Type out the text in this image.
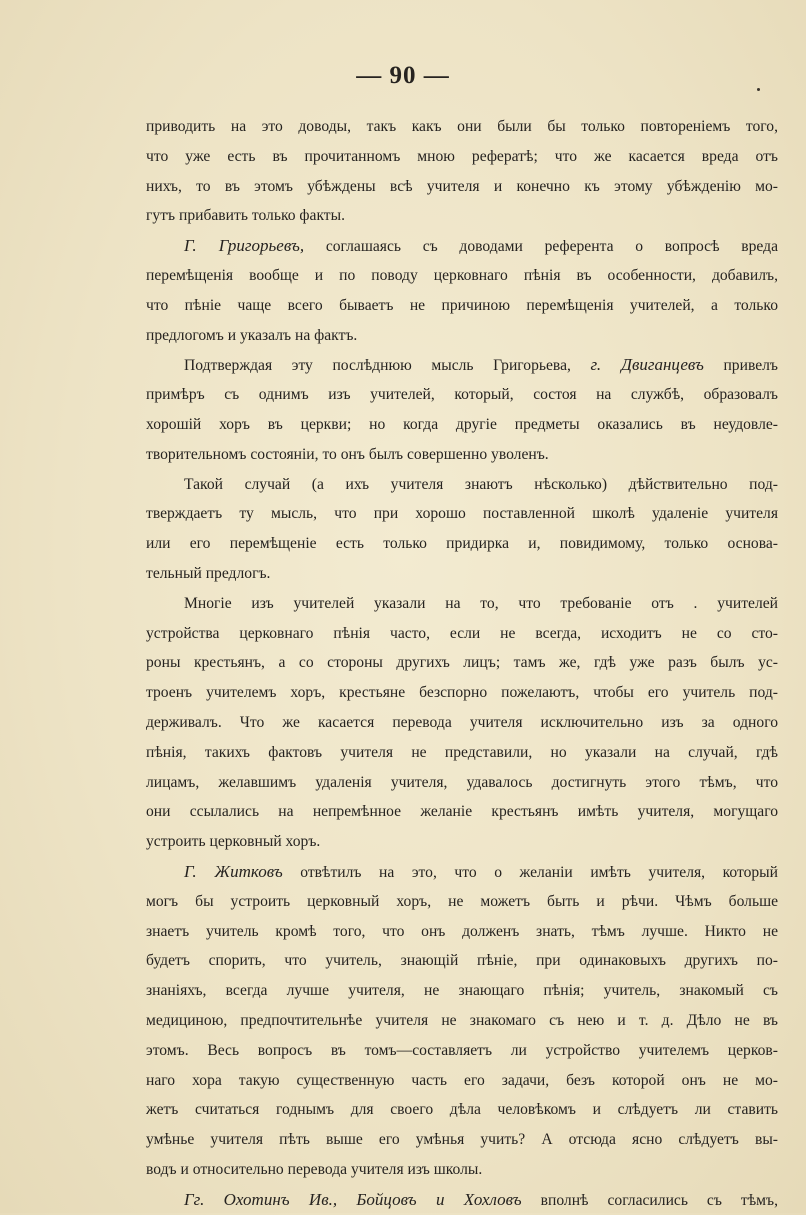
— 90 —
приводить на это доводы, такъ какъ они были бы только повтореніемъ того,
что уже есть въ прочитанномъ мною рефератѣ; что же касается вреда отъ
нихъ, то въ этомъ убѣждены всѣ учителя и конечно къ этому убѣжденію мо-
гутъ прибавить только факты.
Г. Григорьевъ, соглашаясь съ доводами референта о вопросѣ вреда
перемѣщенія вообще и по поводу церковнаго пѣнія въ особенности, добавилъ,
что пѣніе чаще всего бываетъ не причиною перемѣщенія учителей, а только
предлогомъ и указалъ на фактъ.
Подтверждая эту послѣднюю мысль Григорьева, г. Двиганцевъ привелъ
примѣръ съ однимъ изъ учителей, который, состоя на службѣ, образовалъ
хорошій хоръ въ церкви; но когда другіе предметы оказались въ неудовле-
творительномъ состояніи, то онъ былъ совершенно уволенъ.
Такой случай (а ихъ учителя знаютъ нѣсколько) дѣйствительно под-
тверждаетъ ту мысль, что при хорошо поставленной школѣ удаленіе учителя
или его перемѣщеніе есть только придирка и, повидимому, только основа-
тельный предлогъ.
Многіе изъ учителей указали на то, что требованіе отъ . учителей
устройства церковнаго пѣнія часто, если не всегда, исходитъ не со сто-
роны крестьянъ, а со стороны другихъ лицъ; тамъ же, гдѣ уже разъ былъ ус-
троенъ учителемъ хоръ, крестьяне безспорно пожелаютъ, чтобы его учитель под-
держивалъ. Что же касается перевода учителя исключительно изъ за одного
пѣнія, такихъ фактовъ учителя не представили, но указали на случай, гдѣ
лицамъ, желавшимъ удаленія учителя, удавалось достигнуть этого тѣмъ, что
они ссылались на непремѣнное желаніе крестьянъ имѣть учителя, могущаго
устроить церковный хоръ.
Г. Житковъ отвѣтилъ на это, что о желаніи имѣть учителя, который
могъ бы устроить церковный хоръ, не можетъ быть и рѣчи. Чѣмъ больше
знаетъ учитель кромѣ того, что онъ долженъ знать, тѣмъ лучше. Никто не
будетъ спорить, что учитель, знающій пѣніе, при одинаковыхъ другихъ по-
знаніяхъ, всегда лучше учителя, не знающаго пѣнія; учитель, знакомый съ
медициною, предпочтительнѣе учителя не знакомаго съ нею и т. д. Дѣло не въ
этомъ. Весь вопросъ въ томъ—составляетъ ли устройство учителемъ церков-
наго хора такую существенную часть его задачи, безъ которой онъ не мо-
жетъ считаться годнымъ для своего дѣла человѣкомъ и слѣдуетъ ли ставить
умѣнье учителя пѣть выше его умѣнья учить? А отсюда ясно слѣдуетъ вы-
водъ и относительно перевода учителя изъ школы.
Гг. Охотинъ Ив., Бойцовъ и Хохловъ вполнѣ согласились съ тѣмъ,
